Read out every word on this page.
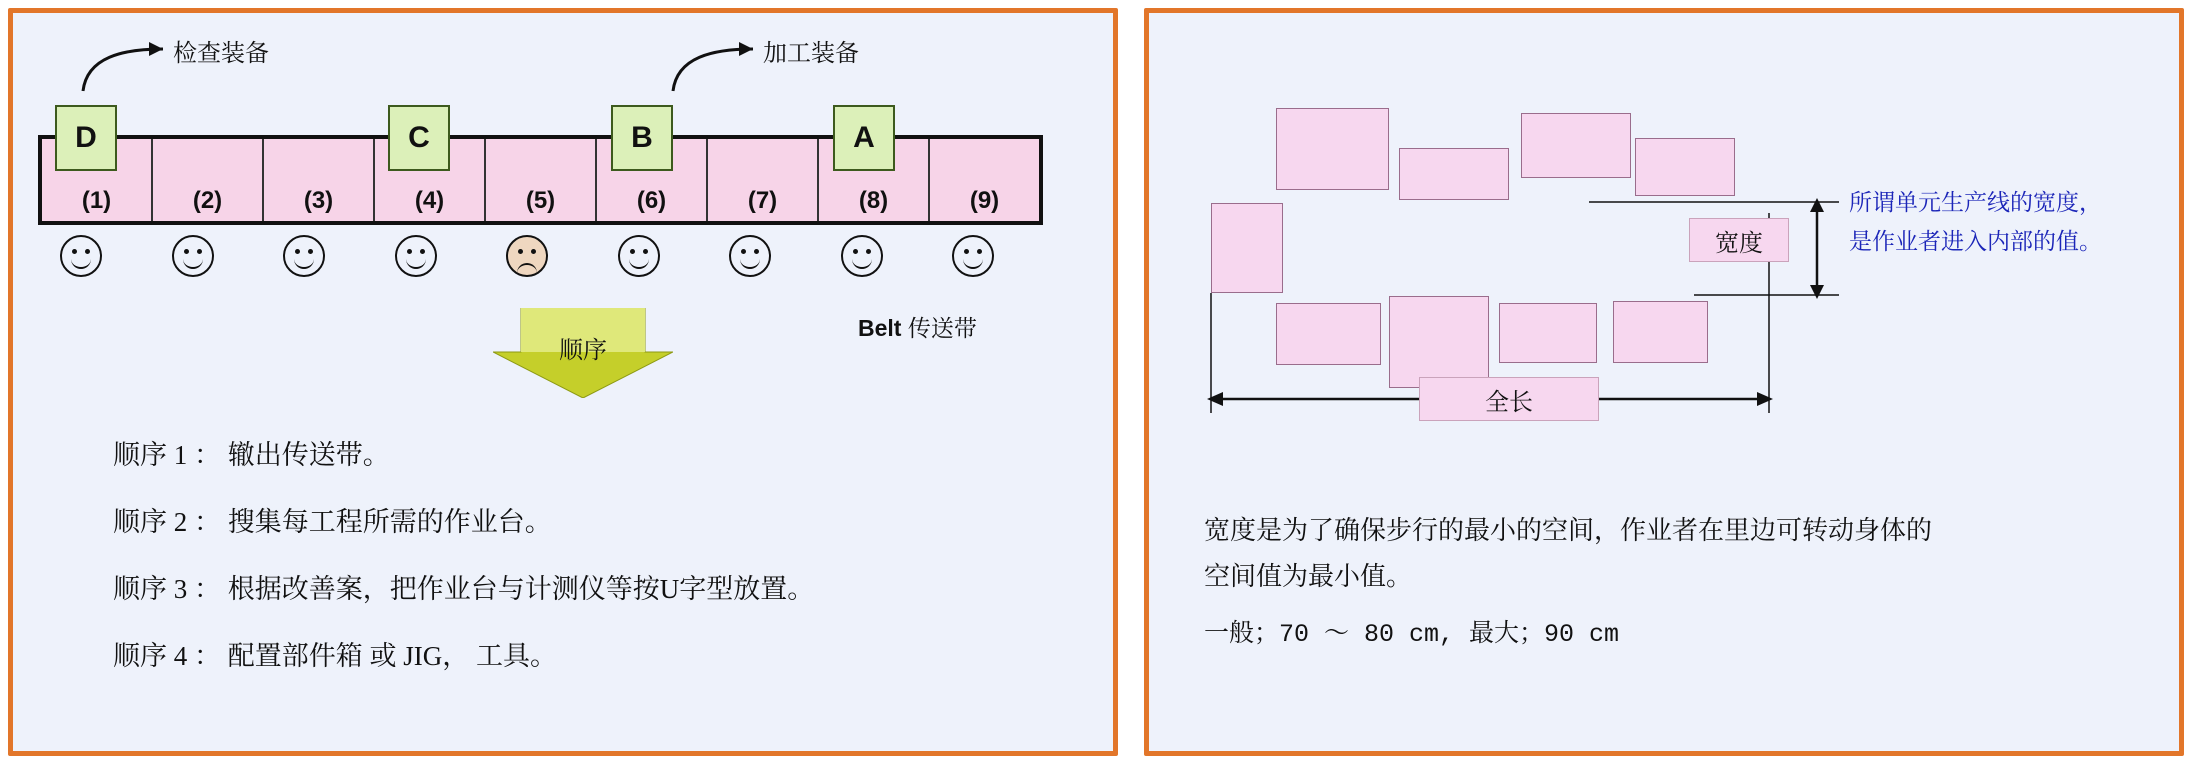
检查装备	加工装备
(1)	(2)	(3)	(4)	(5)	(6)	(7)	(8)	(9)
D	C	B	A
Belt 传送带
顺序
顺序 1 ： 辙出传送带。
顺序 2 ： 搜集每工程所需的作业台。
顺序 3 ： 根据改善案，把作业台与计测仪等按U字型放置。
顺序 4 ： 配置部件箱 或 JIG， 工具。
宽度
全长
所谓单元生产线的宽度，
是作业者进入内部的值。
宽度是为了确保步行的最小的空间，作业者在里边可转动身体的
空间值为最小值。
一般；70 ～ 80 cm, 最大；90 cm
